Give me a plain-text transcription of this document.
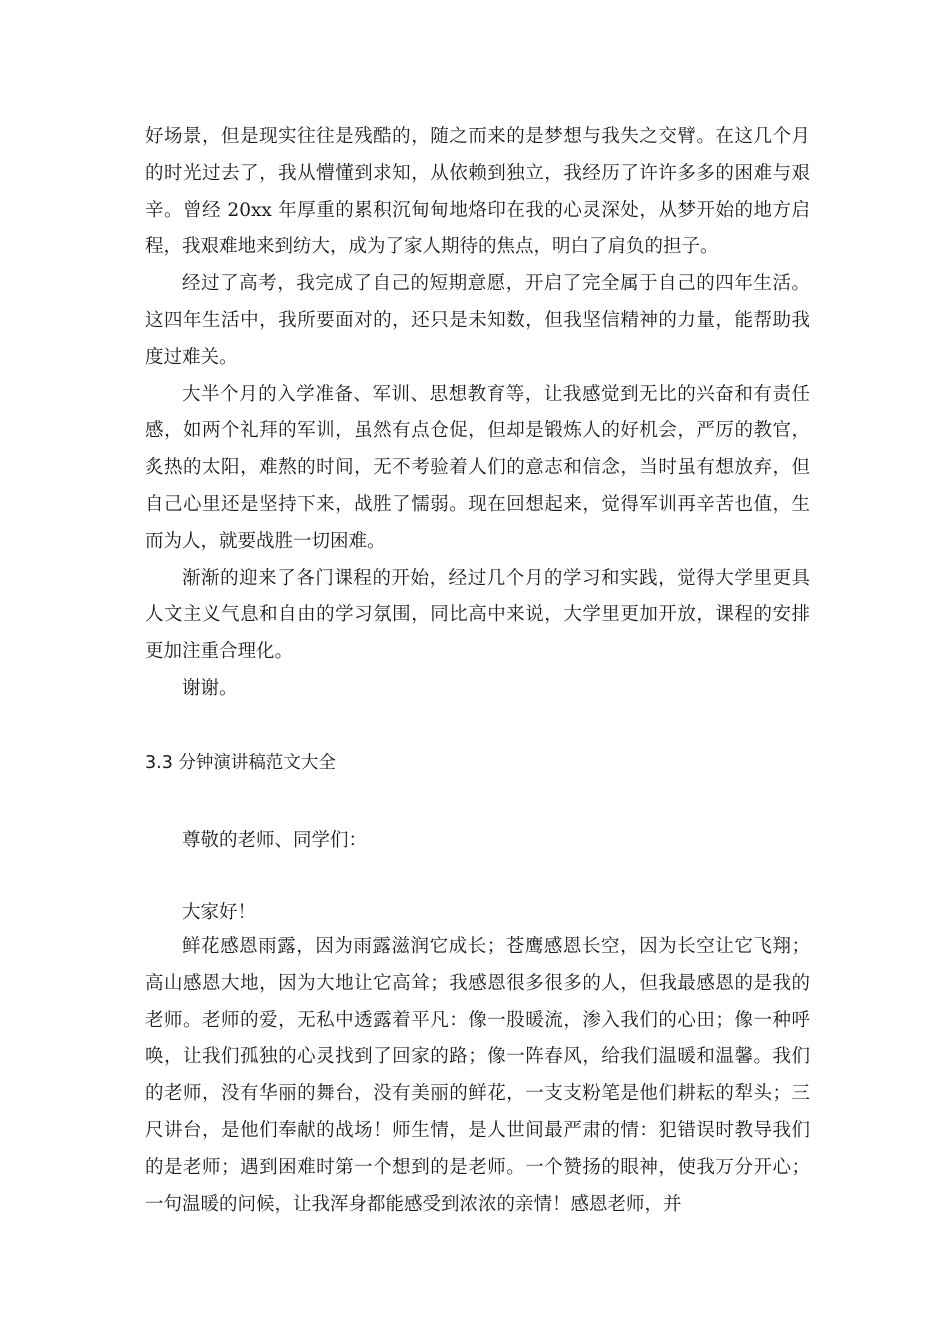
好场景，但是现实往往是残酷的，随之而来的是梦想与我失之交臂。在这几个月的时光过去了，我从懵懂到求知，从依赖到独立，我经历了许许多多的困难与艰辛。曾经 20xx 年厚重的累积沉甸甸地烙印在我的心灵深处，从梦开始的地方启程，我艰难地来到纺大，成为了家人期待的焦点，明白了肩负的担子。

经过了高考，我完成了自己的短期意愿，开启了完全属于自己的四年生活。这四年生活中，我所要面对的，还只是未知数，但我坚信精神的力量，能帮助我度过难关。

大半个月的入学准备、军训、思想教育等，让我感觉到无比的兴奋和有责任感，如两个礼拜的军训，虽然有点仓促，但却是锻炼人的好机会，严厉的教官，炙热的太阳，难熬的时间，无不考验着人们的意志和信念，当时虽有想放弃，但自己心里还是坚持下来，战胜了懦弱。现在回想起来，觉得军训再辛苦也值，生而为人，就要战胜一切困难。

渐渐的迎来了各门课程的开始，经过几个月的学习和实践，觉得大学里更具人文主义气息和自由的学习氛围，同比高中来说，大学里更加开放，课程的安排更加注重合理化。

谢谢。

3.3 分钟演讲稿范文大全
尊敬的老师、同学们：
大家好！

鲜花感恩雨露，因为雨露滋润它成长；苍鹰感恩长空，因为长空让它飞翔；高山感恩大地，因为大地让它高耸；我感恩很多很多的人，但我最感恩的是我的老师。老师的爱，无私中透露着平凡：像一股暖流，渗入我们的心田；像一种呼唤，让我们孤独的心灵找到了回家的路；像一阵春风，给我们温暖和温馨。我们的老师，没有华丽的舞台，没有美丽的鲜花，一支支粉笔是他们耕耘的犁头；三尺讲台，是他们奉献的战场！师生情，是人世间最严肃的情：犯错误时教导我们的是老师；遇到困难时第一个想到的是老师。一个赞扬的眼神，使我万分开心；一句温暖的问候，让我浑身都能感受到浓浓的亲情！感恩老师，并
